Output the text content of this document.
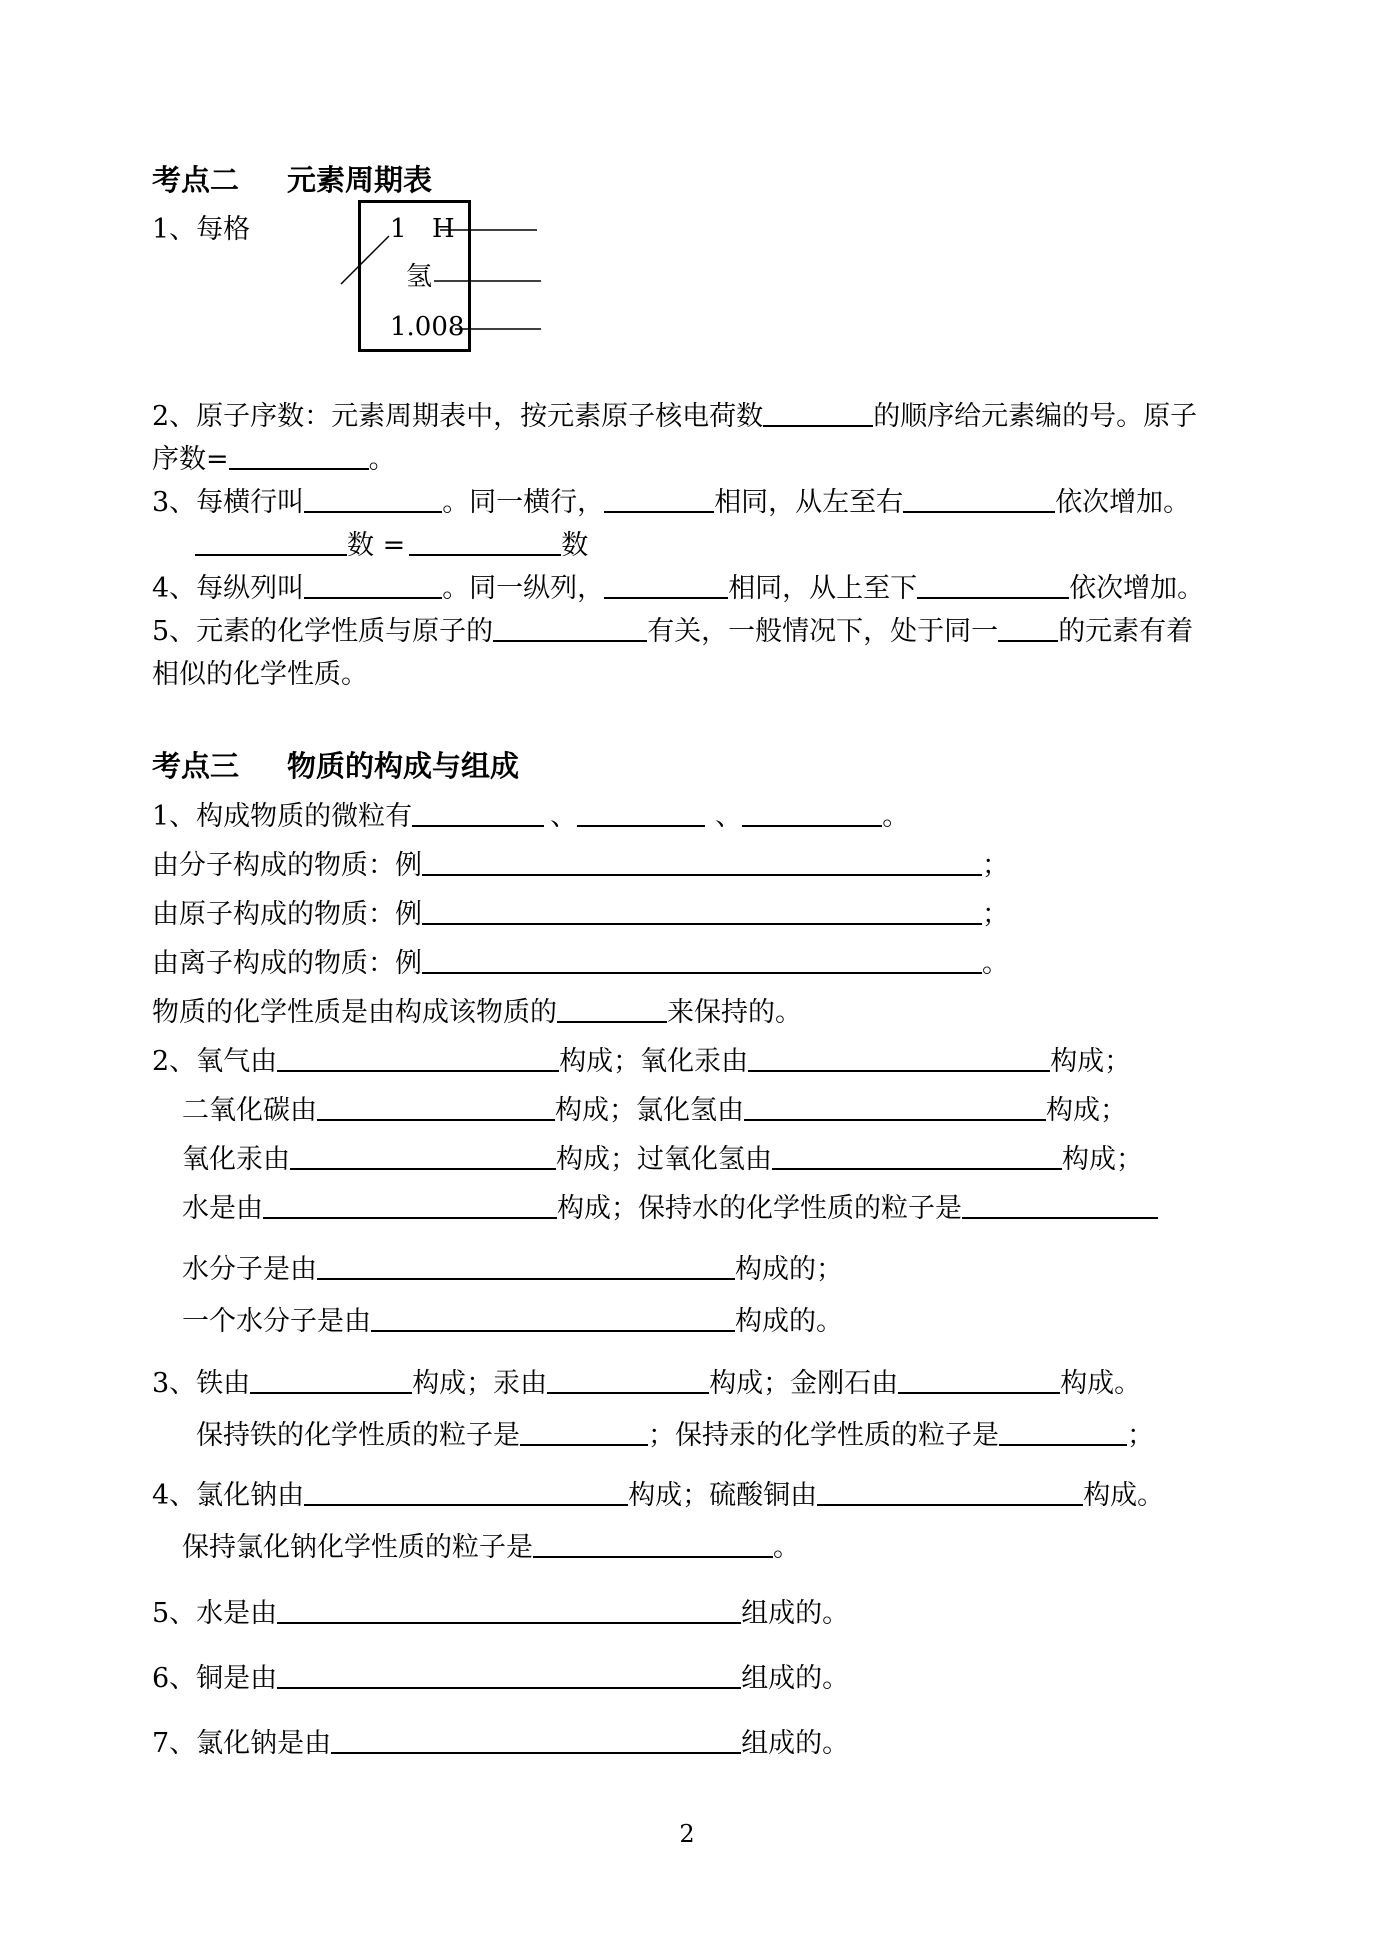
考点二 元素周期表
1、每格	1 H
氢
1.008
2、原子序数：元素周期表中，按元素原子核电荷数	的顺序给元素编的号。原子
序数=	。
3、每横行叫	。同一横行，	相同，从左至右	依次增加。
数 =	数
4、每纵列叫	。同一纵列，	相同，从上至下	依次增加。
5、元素的化学性质与原子的	有关，一般情况下，处于同一 的元素有着
相似的化学性质。
考点三 物质的构成与组成
1、构成物质的微粒有	、	、	。
由分子构成的物质：例	；
由原子构成的物质：例	；
由离子构成的物质：例	。
物质的化学性质是由构成该物质的	来保持的。
2、氧气由	构成；氧化汞由	构成；
二氧化碳由	构成；氯化氢由	构成；
氧化汞由	构成；过氧化氢由	构成；
水是由	构成；保持水的化学性质的粒子是
水分子是由	构成的；
一个水分子是由	构成的。
3、铁由	构成；汞由	构成；金刚石由	构成。
保持铁的化学性质的粒子是	；保持汞的化学性质的粒子是	；
4、氯化钠由	构成；硫酸铜由	构成。
保持氯化钠化学性质的粒子是	。
5、水是由	组成的。
6、铜是由	组成的。
7、氯化钠是由	组成的。
2
